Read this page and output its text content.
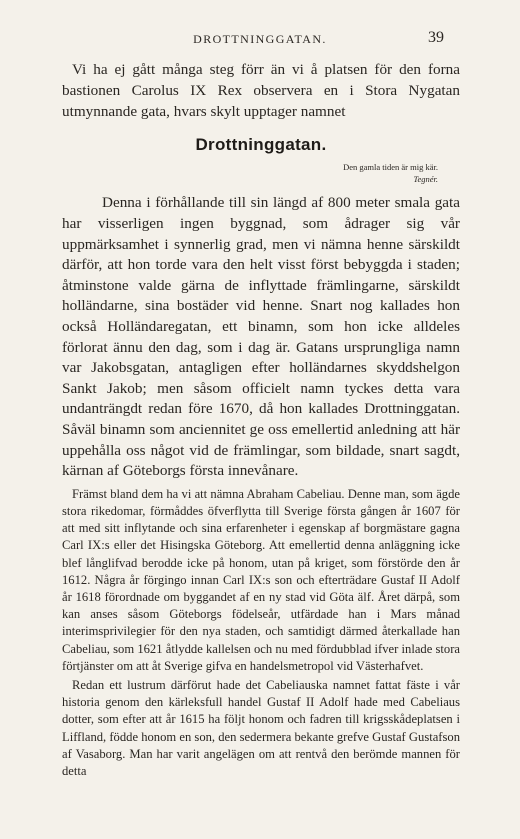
DROTTNINGGATAN.	39

Vi ha ej gått många steg förr än vi å platsen för den forna bastionen Carolus IX Rex observera en i Stora Nygatan utmynnande gata, hvars skylt upptager namnet

Drottninggatan.
Den gamla tiden är mig kär.
Tegnér.

Denna i förhållande till sin längd af 800 meter smala gata har visserligen ingen byggnad, som ådrager sig vår uppmärksamhet i synnerlig grad, men vi nämna henne särskildt därför, att hon torde vara den helt visst först bebyggda i staden; åtminstone valde gärna de inflyttade främlingarne, särskildt holländarne, sina bostäder vid henne. Snart nog kallades hon också Holländaregatan, ett binamn, som hon icke alldeles förlorat ännu den dag, som i dag är. Gatans ursprungliga namn var Jakobsgatan, antagligen efter holländarnes skyddshelgon Sankt Jakob; men såsom officielt namn tyckes detta vara undanträngdt redan före 1670, då hon kallades Drottninggatan. Såväl binamn som anciennitet ge oss emellertid anledning att här uppehålla oss något vid de främlingar, som bildade, snart sagdt, kärnan af Göteborgs första innevånare.

Främst bland dem ha vi att nämna Abraham Cabeliau. Denne man, som ägde stora rikedomar, förmåddes öfverflytta till Sverige första gången år 1607 för att med sitt inflytande och sina erfarenheter i egenskap af borgmästare gagna Carl IX:s eller det Hisingska Göteborg. Att emellertid denna anläggning icke blef långlifvad berodde icke på honom, utan på kriget, som förstörde den år 1612. Några år förgingo innan Carl IX:s son och efterträdare Gustaf II Adolf år 1618 förordnade om byggandet af en ny stad vid Göta älf. Året därpå, som kan anses såsom Göteborgs födelseår, utfärdade han i Mars månad interimsprivilegier för den nya staden, och samtidigt därmed återkallade han Cabeliau, som 1621 åtlydde kallelsen och nu med fördubblad ifver inlade stora förtjänster om att åt Sverige gifva en handelsmetropol vid Västerhafvet.

Redan ett lustrum därförut hade det Cabeliauska namnet fattat fäste i vår historia genom den kärleksfull handel Gustaf II Adolf hade med Cabeliaus dotter, som efter att år 1615 ha följt honom och fadren till krigsskådeplatsen i Liffland, födde honom en son, den sedermera bekante grefve Gustaf Gustafson af Vasaborg. Man har varit angelägen om att rentvå den berömde mannen för detta
